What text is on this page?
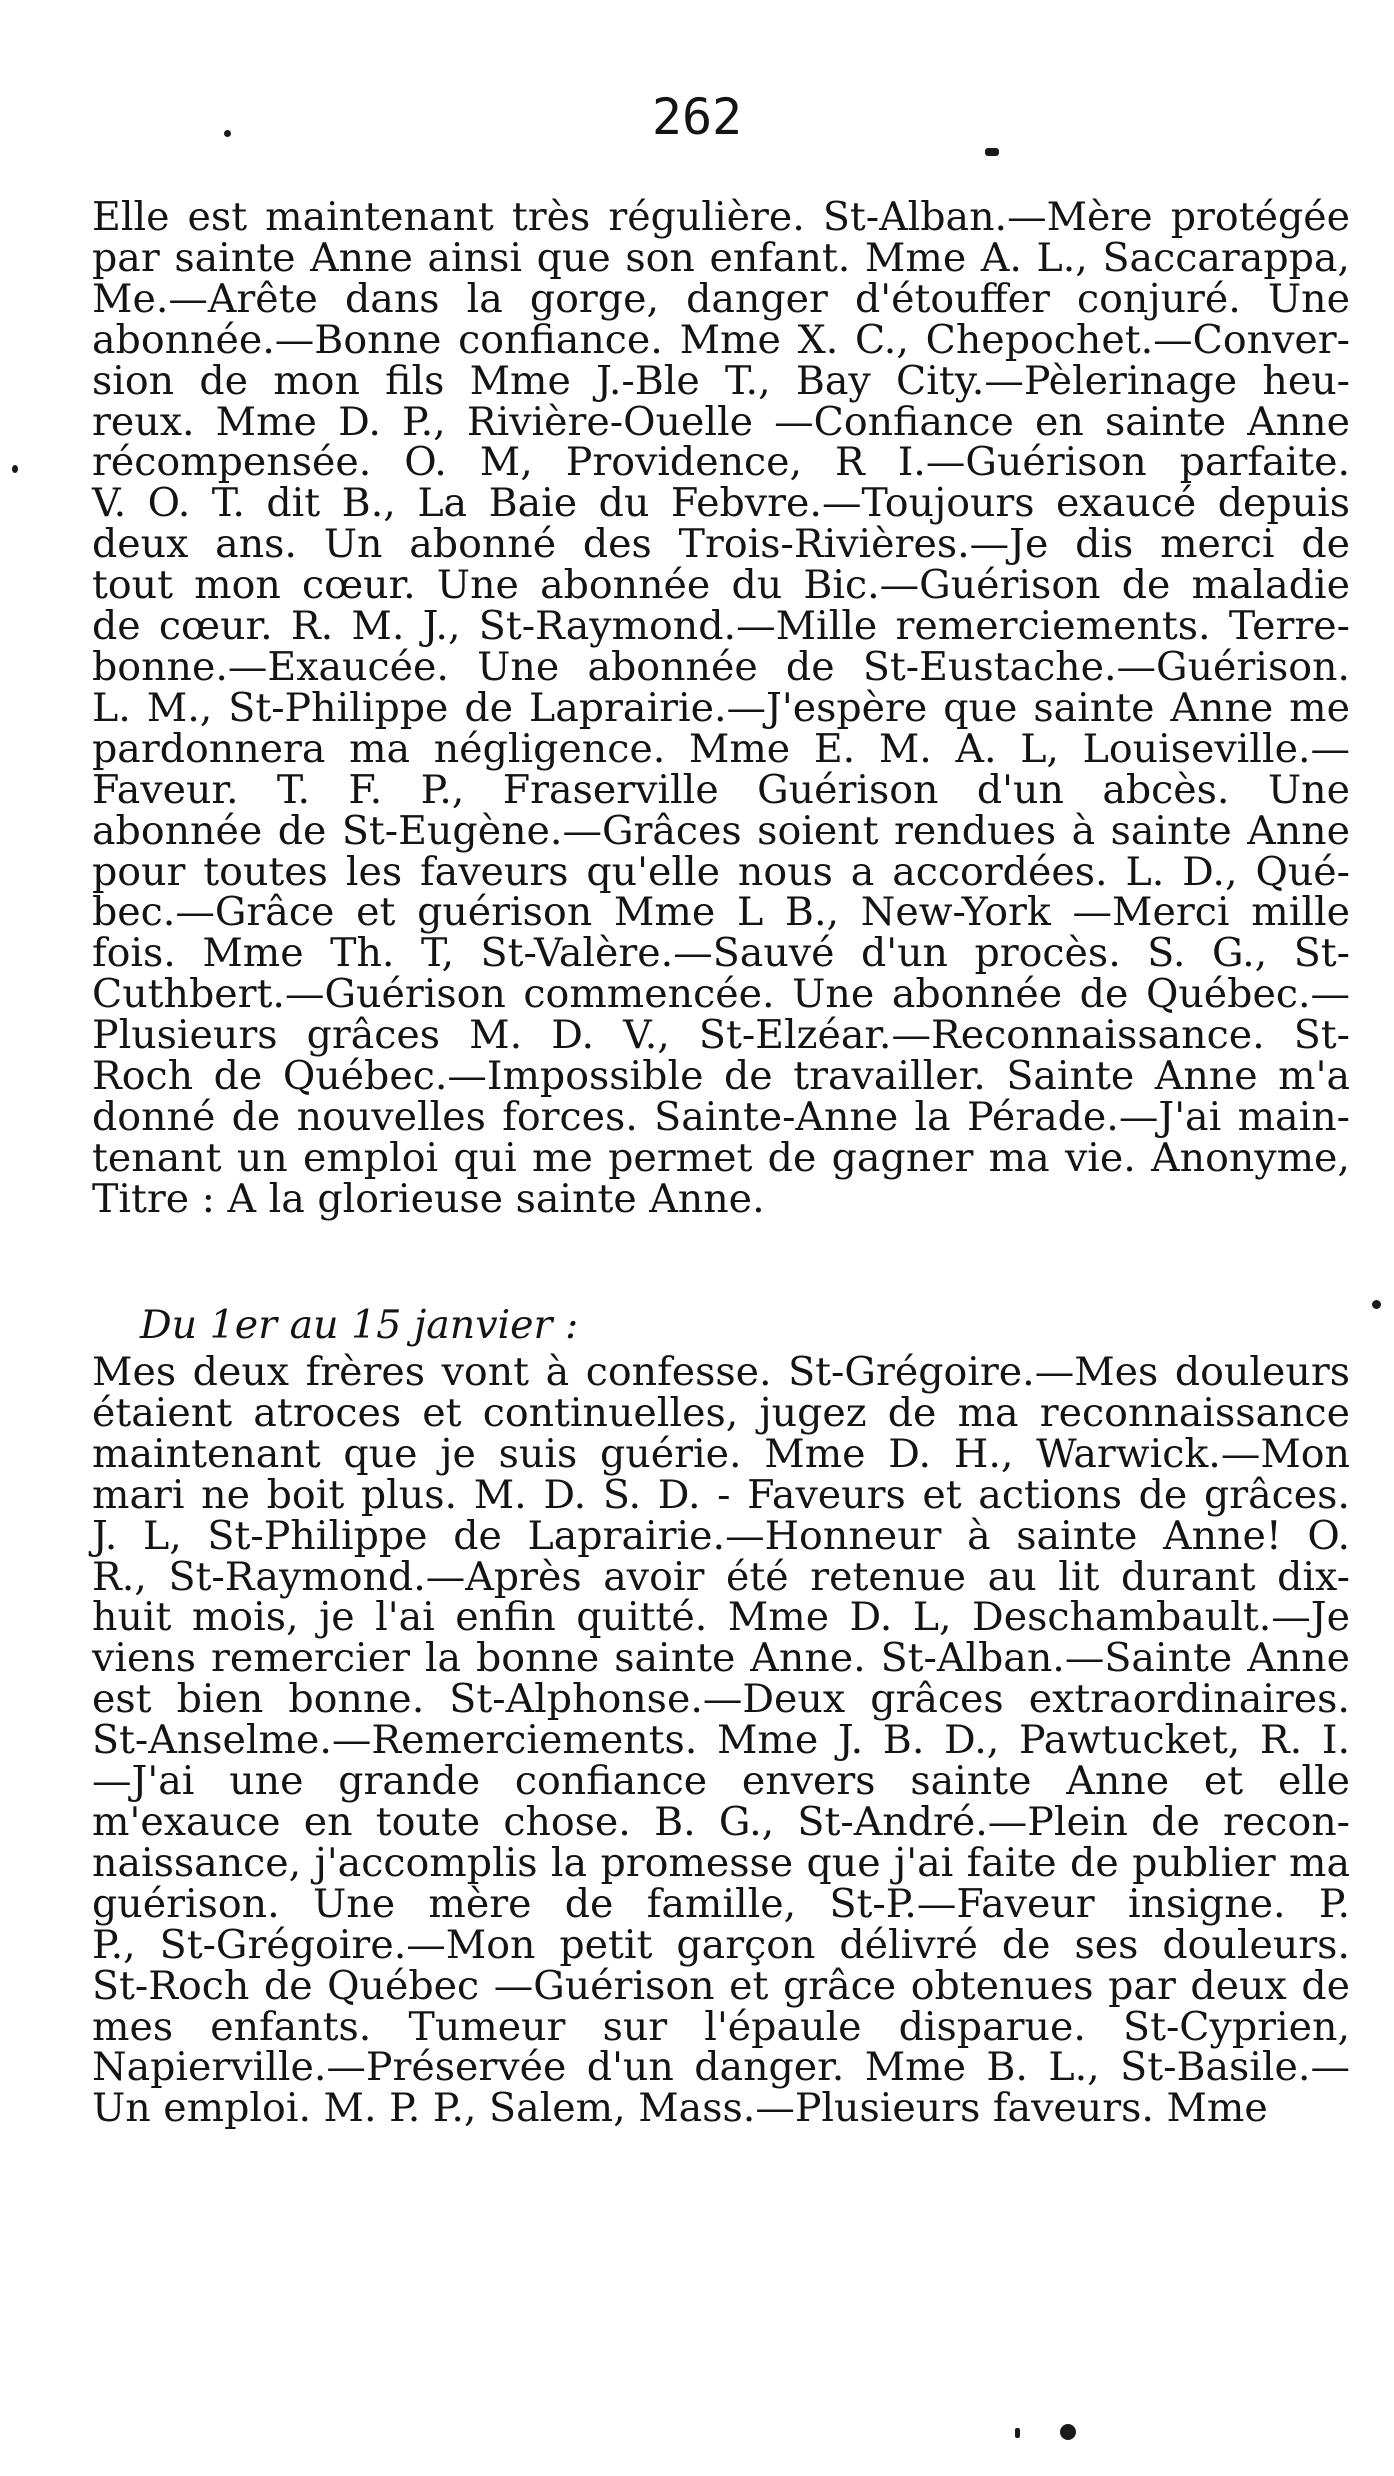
262
Elle est maintenant très régulière. St-Alban.—Mère protégée
par sainte Anne ainsi que son enfant. Mme A. L., Saccarappa,
Me.—Arête dans la gorge, danger d'étouffer conjuré. Une
abonnée.—Bonne confiance. Mme X. C., Chepochet.—Conver-
sion de mon fils Mme J.-Ble T., Bay City.—Pèlerinage heu-
reux. Mme D. P., Rivière-Ouelle —Confiance en sainte Anne
récompensée. O. M, Providence, R I.—Guérison parfaite.
V. O. T. dit B., La Baie du Febvre.—Toujours exaucé depuis
deux ans. Un abonné des Trois-Rivières.—Je dis merci de
tout mon cœur. Une abonnée du Bic.—Guérison de maladie
de cœur. R. M. J., St-Raymond.—Mille remerciements. Terre-
bonne.—Exaucée. Une abonnée de St-Eustache.—Guérison.
L. M., St-Philippe de Laprairie.—J'espère que sainte Anne me
pardonnera ma négligence. Mme E. M. A. L, Louiseville.—
Faveur. T. F. P., Fraserville Guérison d'un abcès. Une
abonnée de St-Eugène.—Grâces soient rendues à sainte Anne
pour toutes les faveurs qu'elle nous a accordées. L. D., Qué-
bec.—Grâce et guérison Mme L B., New-York —Merci mille
fois. Mme Th. T, St-Valère.—Sauvé d'un procès. S. G., St-
Cuthbert.—Guérison commencée. Une abonnée de Québec.—
Plusieurs grâces M. D. V., St-Elzéar.—Reconnaissance. St-
Roch de Québec.—Impossible de travailler. Sainte Anne m'a
donné de nouvelles forces. Sainte-Anne la Pérade.—J'ai main-
tenant un emploi qui me permet de gagner ma vie. Anonyme,
Titre : A la glorieuse sainte Anne.
Du 1er au 15 janvier :
Mes deux frères vont à confesse. St-Grégoire.—Mes douleurs
étaient atroces et continuelles, jugez de ma reconnaissance
maintenant que je suis guérie. Mme D. H., Warwick.—Mon
mari ne boit plus. M. D. S. D. - Faveurs et actions de grâces.
J. L, St-Philippe de Laprairie.—Honneur à sainte Anne! O.
R., St-Raymond.—Après avoir été retenue au lit durant dix-
huit mois, je l'ai enfin quitté. Mme D. L, Deschambault.—Je
viens remercier la bonne sainte Anne. St-Alban.—Sainte Anne
est bien bonne. St-Alphonse.—Deux grâces extraordinaires.
St-Anselme.—Remerciements. Mme J. B. D., Pawtucket, R. I.
—J'ai une grande confiance envers sainte Anne et elle
m'exauce en toute chose. B. G., St-André.—Plein de recon-
naissance, j'accomplis la promesse que j'ai faite de publier ma
guérison. Une mère de famille, St-P.—Faveur insigne. P.
P., St-Grégoire.—Mon petit garçon délivré de ses douleurs.
St-Roch de Québec —Guérison et grâce obtenues par deux de
mes enfants. Tumeur sur l'épaule disparue. St-Cyprien,
Napierville.—Préservée d'un danger. Mme B. L., St-Basile.—
Un emploi. M. P. P., Salem, Mass.—Plusieurs faveurs. Mme
